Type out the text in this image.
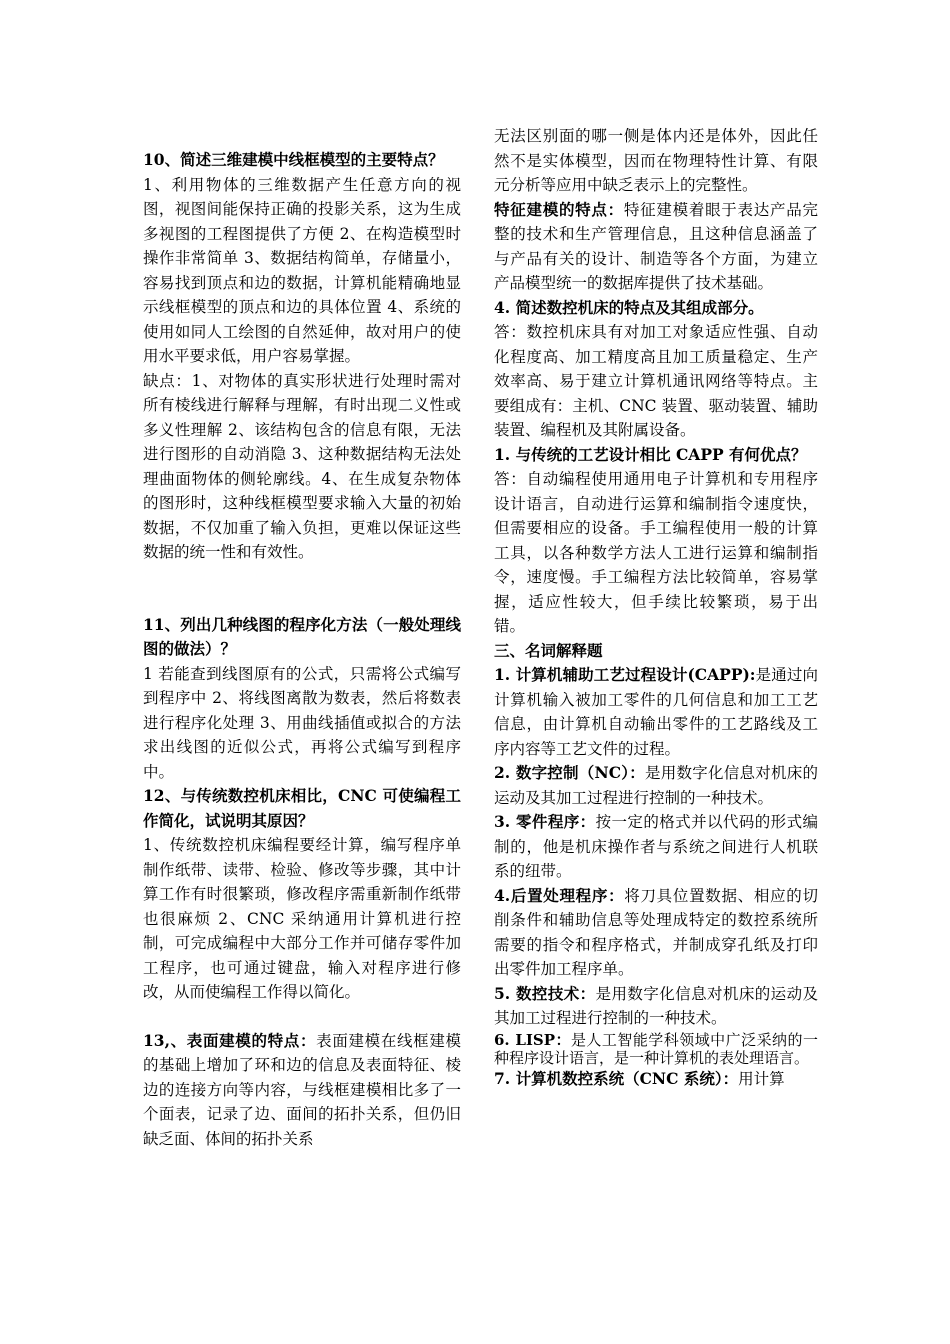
10、简述三维建模中线框模型的主要特点？

1、利用物体的三维数据产生任意方向的视图，视图间能保持正确的投影关系，这为生成多视图的工程图提供了方便 2、在构造模型时操作非常简单 3、数据结构简单，存储量小，容易找到顶点和边的数据，计算机能精确地显示线框模型的顶点和边的具体位置 4、系统的使用如同人工绘图的自然延伸，故对用户的使用水平要求低，用户容易掌握。

缺点：1、对物体的真实形状进行处理时需对所有棱线进行解释与理解，有时出现二义性或多义性理解 2、该结构包含的信息有限，无法进行图形的自动消隐 3、这种数据结构无法处理曲面物体的侧轮廓线。4、在生成复杂物体的图形时，这种线框模型要求输入大量的初始数据，不仅加重了输入负担，更难以保证这些数据的统一性和有效性。

11、列出几种线图的程序化方法（一般处理线图的做法）？

1 若能查到线图原有的公式，只需将公式编写到程序中 2、将线图离散为数表，然后将数表进行程序化处理 3、用曲线插值或拟合的方法求出线图的近似公式，再将公式编写到程序中。

12、与传统数控机床相比，CNC 可使编程工作简化，试说明其原因？

1、传统数控机床编程要经计算，编写程序单制作纸带、读带、检验、修改等步骤，其中计算工作有时很繁琐，修改程序需重新制作纸带也很麻烦 2、CNC 采纳通用计算机进行控制，可完成编程中大部分工作并可储存零件加工程序，也可通过键盘，输入对程序进行修改，从而使编程工作得以简化。

13,、表面建模的特点：表面建模在线框建模的基础上增加了环和边的信息及表面特征、棱边的连接方向等内容，与线框建模相比多了一个面表，记录了边、面间的拓扑关系，但仍旧缺乏面、体间的拓扑关系

无法区别面的哪一侧是体内还是体外，因此任然不是实体模型，因而在物理特性计算、有限元分析等应用中缺乏表示上的完整性。

特征建模的特点：特征建模着眼于表达产品完整的技术和生产管理信息，且这种信息涵盖了与产品有关的设计、制造等各个方面，为建立产品模型统一的数据库提供了技术基础。

4. 简述数控机床的特点及其组成部分。

答：数控机床具有对加工对象适应性强、自动化程度高、加工精度高且加工质量稳定、生产效率高、易于建立计算机通讯网络等特点。主要组成有：主机、CNC 装置、驱动装置、辅助装置、编程机及其附属设备。

1. 与传统的工艺设计相比 CAPP 有何优点？

答：自动编程使用通用电子计算机和专用程序设计语言，自动进行运算和编制指令速度快，但需要相应的设备。手工编程使用一般的计算工具，以各种数学方法人工进行运算和编制指令，速度慢。手工编程方法比较简单，容易掌握，适应性较大，但手续比较繁琐，易于出错。

三、名词解释题

1. 计算机辅助工艺过程设计(CAPP):是通过向计算机输入被加工零件的几何信息和加工工艺信息，由计算机自动输出零件的工艺路线及工序内容等工艺文件的过程。

2. 数字控制（NC）：是用数字化信息对机床的运动及其加工过程进行控制的一种技术。

3. 零件程序：按一定的格式并以代码的形式编制的，他是机床操作者与系统之间进行人机联系的纽带。

4.后置处理程序：将刀具位置数据、相应的切削条件和辅助信息等处理成特定的数控系统所需要的指令和程序格式，并制成穿孔纸及打印出零件加工程序单。

5. 数控技术：是用数字化信息对机床的运动及其加工过程进行控制的一种技术。

6. LISP：是人工智能学科领域中广泛采纳的一种程序设计语言，是一种计算机的表处理语言。

7. 计算机数控系统（CNC 系统）：用计算
